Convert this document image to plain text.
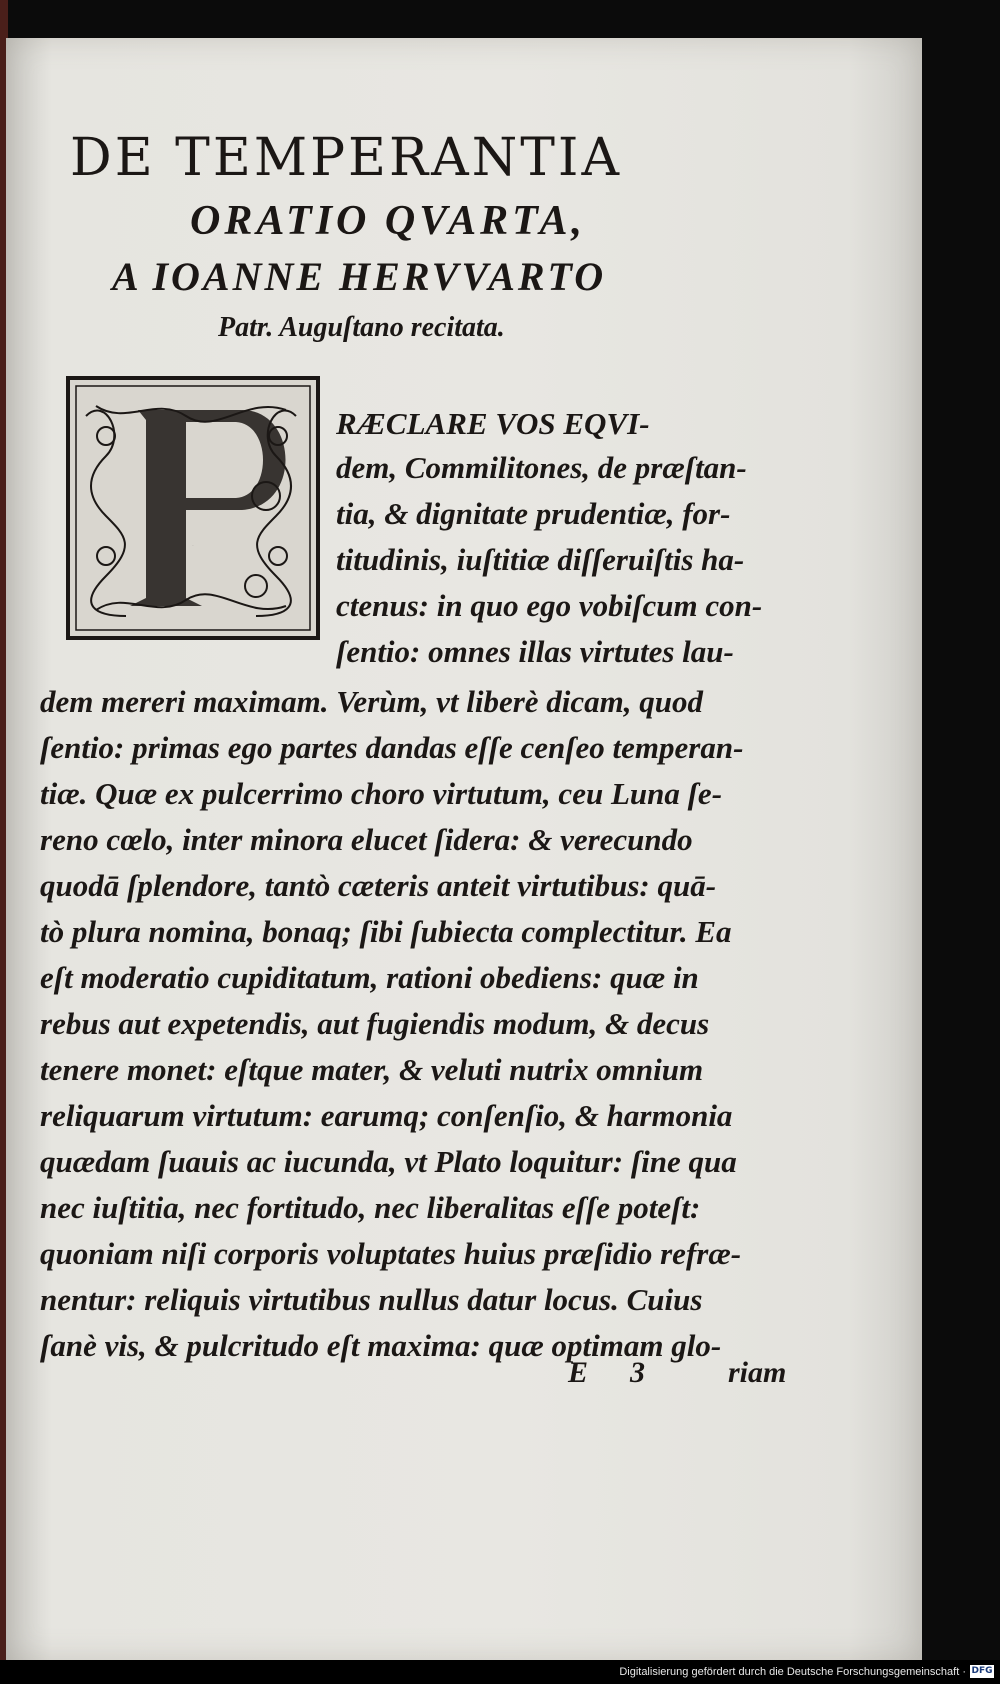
DE TEMPERANTIA
ORATIO QVARTA,
A IOANNE HERVVARTO
Patr. Auguſtano recitata.
P
RÆCLARE VOS EQVI-
dem, Commilitones, de præſtan-
tia, & dignitate prudentiæ, for-
titudinis, iuſtitiæ diſſeruiſtis ha-
ctenus: in quo ego vobiſcum con-
ſentio: omnes illas virtutes lau-
dem mereri maximam. Verùm, vt liberè dicam, quod
ſentio: primas ego partes dandas eſſe cenſeo temperan-
tiæ. Quæ ex pulcerrimo choro virtutum, ceu Luna ſe-
reno cœlo, inter minora elucet ſidera: & verecundo
quodā ſplendore, tantò cæteris anteit virtutibus: quā-
tò plura nomina, bonaq; ſibi ſubiecta complectitur. Ea
eſt moderatio cupiditatum, rationi obediens: quæ in
rebus aut expetendis, aut fugiendis modum, & decus
tenere monet: eſtque mater, & veluti nutrix omnium
reliquarum virtutum: earumq; conſenſio, & harmonia
quædam ſuauis ac iucunda, vt Plato loquitur: ſine qua
nec iuſtitia, nec fortitudo, nec liberalitas eſſe poteſt:
quoniam niſi corporis voluptates huius præſidio refræ-
nentur: reliquis virtutibus nullus datur locus. Cuius
ſanè vis, & pulcritudo eſt maxima: quæ optimam glo-
E 3	riam
Digitalisierung gefördert durch die Deutsche Forschungsgemeinschaft · DFG
